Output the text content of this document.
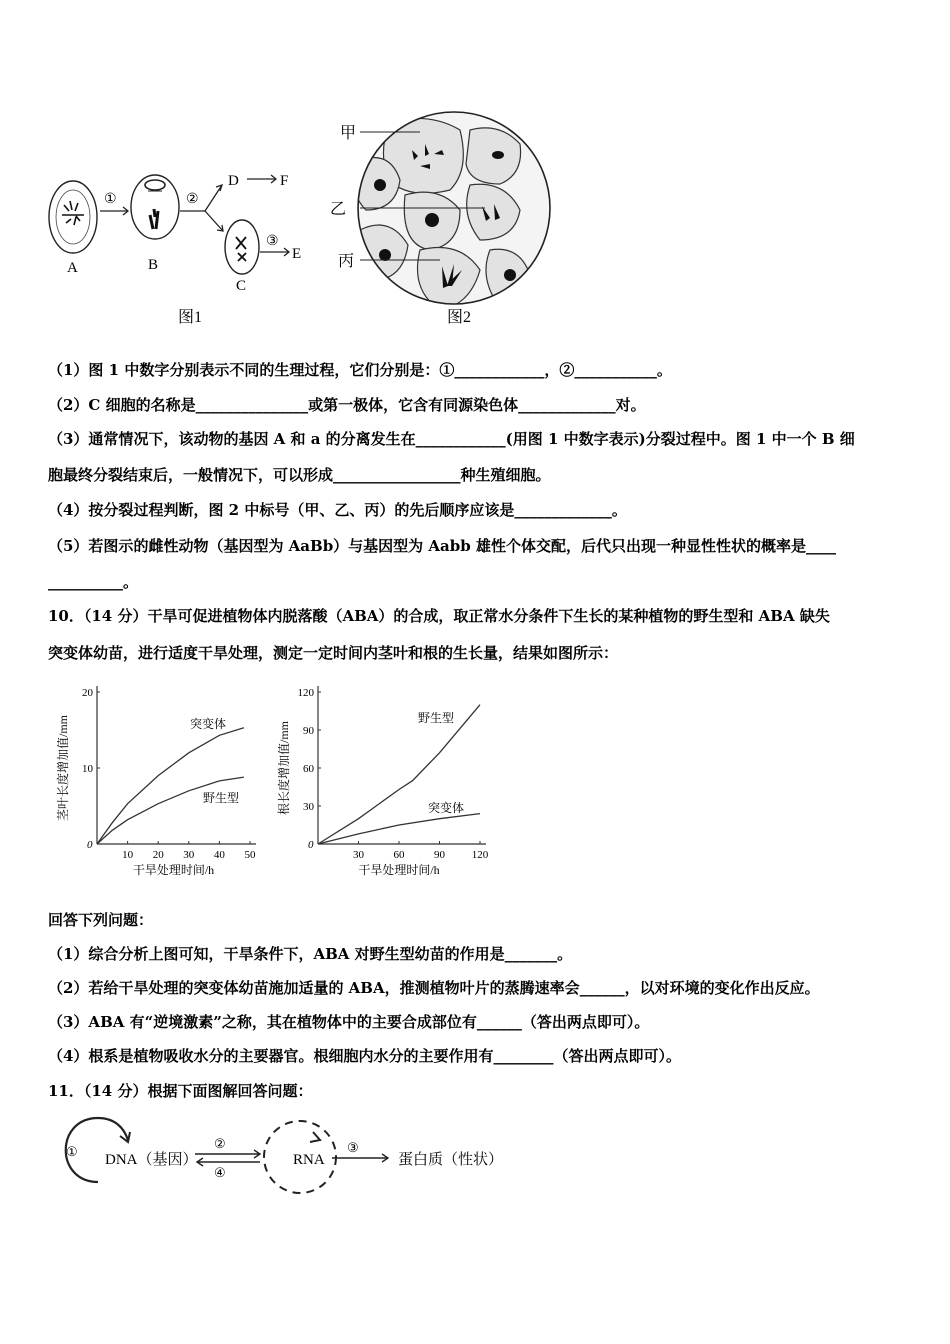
①	②
③
A	B
C
D	F
E
图1
甲
乙
丙
图2
（1）图 1 中数字分别表示不同的生理过程，它们分别是：①____________，②___________。
（2）C 细胞的名称是_______________或第一极体，它含有同源染色体_____________对。
（3）通常情况下，该动物的基因 A 和 a 的分离发生在____________(用图 1 中数字表示)分裂过程中。图 1 中一个 B 细
胞最终分裂结束后，一般情况下，可以形成_________________种生殖细胞。
（4）按分裂过程判断，图 2 中标号（甲、乙、丙）的先后顺序应该是_____________。
（5）若图示的雌性动物（基因型为 AaBb）与基因型为 Aabb 雄性个体交配，后代只出现一种显性性状的概率是____
__________。
10．（14 分）干旱可促进植物体内脱落酸（ABA）的合成，取正常水分条件下生长的某种植物的野生型和 ABA 缺失
突变体幼苗，进行适度干旱处理，测定一定时间内茎叶和根的生长量，结果如图所示：
0
10 20 30 40 50
10
20
干旱处理时间/h
茎叶长度增加值/mm	突变体
野生型
0
30	60	90 120
30
60
90
120
干旱处理时间/h
根长度增加值/mm
野生型
突变体
回答下列问题：
（1）综合分析上图可知，干旱条件下，ABA 对野生型幼苗的作用是_______。
（2）若给干旱处理的突变体幼苗施加适量的 ABA，推测植物叶片的蒸腾速率会______，以对环境的变化作出反应。
（3）ABA 有“逆境激素”之称，其在植物体中的主要合成部位有______（答出两点即可）。
（4）根系是植物吸收水分的主要器官。根细胞内水分的主要作用有________（答出两点即可）。
11．（14 分）根据下面图解回答问题：
①
②	③
④
DNA（基因）	RNA	蛋白质（性状）
